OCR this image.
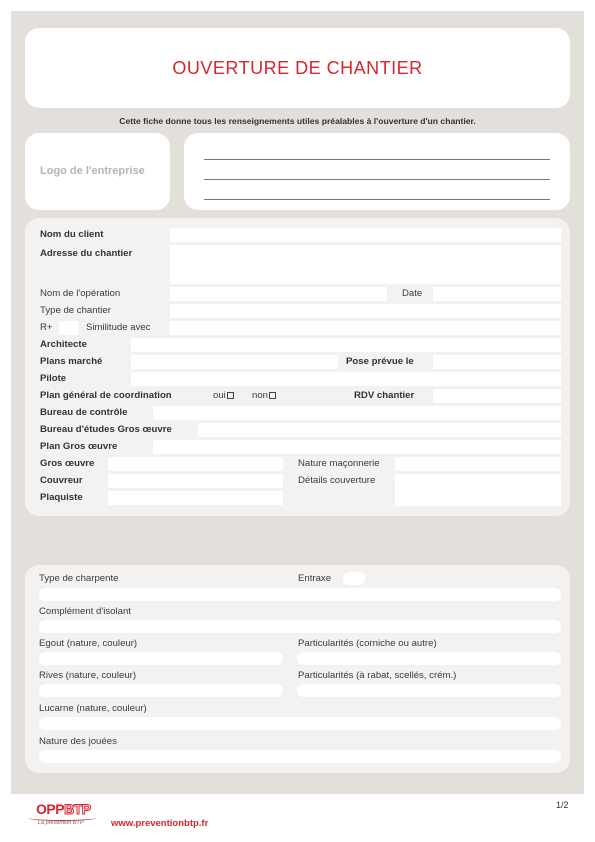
OUVERTURE DE CHANTIER
Cette fiche donne tous les renseignements utiles préalables à l'ouverture d'un chantier.
Logo de l'entreprise
Nom du client
Adresse du chantier
Nom de l'opération	Date
Type de chantier
R+	Similitude avec
Architecte
Plans marché	Pose prévue le
Pilote
Plan général de coordination	oui	non	RDV chantier
Bureau de contrôle
Bureau d'études Gros œuvre
Plan Gros œuvre
Gros œuvre	Nature maçonnerie
Couvreur	Détails couverture
Plaquiste
Type de charpente	Entraxe
Complément d'isolant
Egout (nature, couleur)	Particularités (corniche ou autre)
Rives (nature, couleur)	Particularités (à rabat, scellés, crém.)
Lucarne (nature, couleur)
Nature des jouées
OPPBTP
La prévention BTP	www.preventionbtp.fr
1/2
